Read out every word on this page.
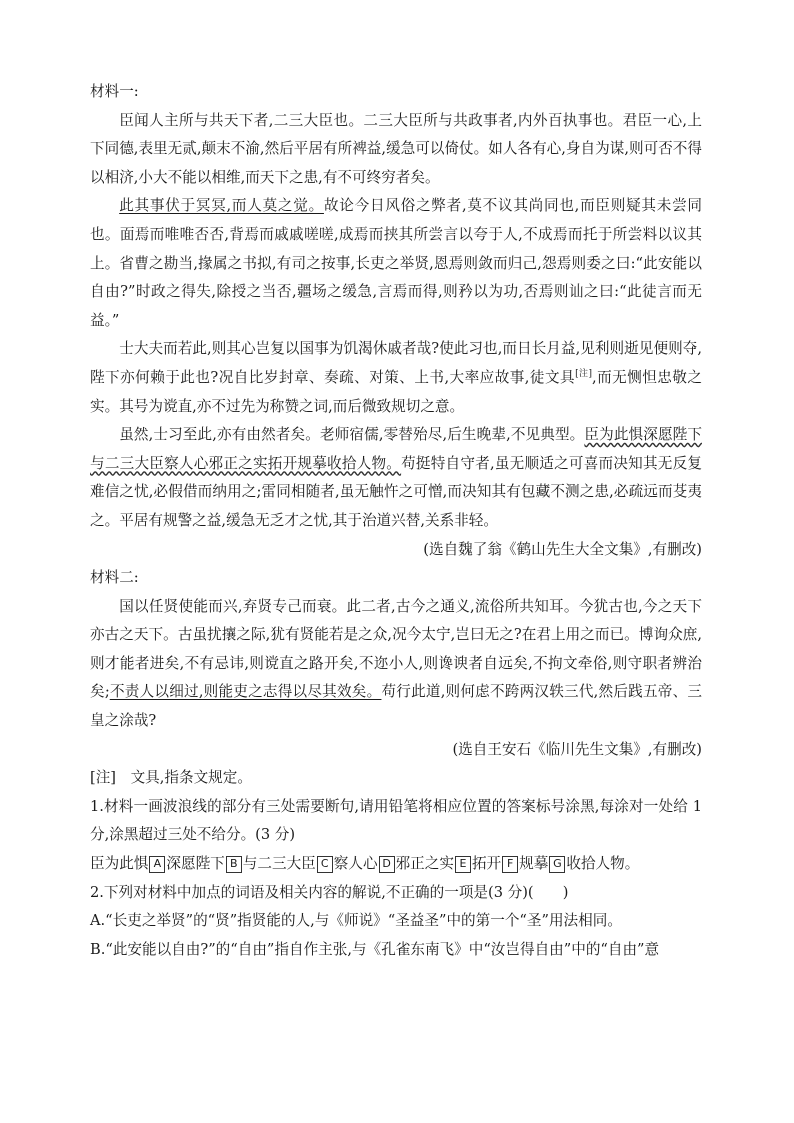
材料一:

臣闻人主所与共天下者,二三大臣也。二三大臣所与共政事者,内外百执事也。君臣一心,上下同德,表里无贰,颠末不渝,然后平居有所裨益,缓急可以倚仗。如人各有心,身自为谋,则可否不得以相济,小大不能以相维,而天下之患,有不可终穷者矣。

此其事伏于冥冥,而人莫之觉。故论今日风俗之弊者,莫不议其尚同也,而臣则疑其未尝同也。面焉而唯唯否否,背焉而戚戚嗟嗟,成焉而挟其所尝言以夸于人,不成焉而托于所尝料以议其上。省曹之勘当,掾属之书拟,有司之按事,长吏之举贤,恩焉则敛而归己,怨焉则委之曰:“此安能以自由?”时政之得失,除授之当否,疆场之缓急,言焉而得,则矜以为功,否焉则讪之曰:“此徒言而无益。”

士大夫而若此,则其心岂复以国事为饥渴休戚者哉?使此习也,而日长月益,见利则逝见便则夺,陛下亦何赖于此也?况自比岁封章、奏疏、对策、上书,大率应故事,徒文具[注],而无恻怛忠敬之实。其号为谠直,亦不过先为称赞之词,而后微致规切之意。

虽然,士习至此,亦有由然者矣。老师宿儒,零替殆尽,后生晚辈,不见典型。臣为此惧深愿陛下与二三大臣察人心邪正之实拓开规摹收拾人物。苟挺特自守者,虽无顺适之可喜而决知其无反复难信之忧,必假借而纳用之;雷同相随者,虽无触忤之可憎,而决知其有包藏不测之患,必疏远而芟夷之。平居有规警之益,缓急无乏才之忧,其于治道兴替,关系非轻。

(选自魏了翁《鹤山先生大全文集》,有删改)

材料二:

国以任贤使能而兴,弃贤专己而衰。此二者,古今之通义,流俗所共知耳。今犹古也,今之天下亦古之天下。古虽扰攘之际,犹有贤能若是之众,况今太宁,岂曰无之?在君上用之而已。博询众庶,则才能者进矣,不有忌讳,则谠直之路开矣,不迩小人,则谗谀者自远矣,不拘文牵俗,则守职者辨治矣;不责人以细过,则能吏之志得以尽其效矣。苟行此道,则何虑不跨两汉轶三代,然后践五帝、三皇之涂哉?

(选自王安石《临川先生文集》,有删改)

[注]　文具,指条文规定。

1.材料一画波浪线的部分有三处需要断句,请用铅笔将相应位置的答案标号涂黑,每涂对一处给 1 分,涂黑超过三处不给分。(3 分)

臣为此惧 A 深愿陛下 B 与二三大臣 C 察人心 D 邪正之实 E 拓开 F 规摹 G 收拾人物。

2.下列对材料中加点的词语及相关内容的解说,不正确的一项是(3 分)(　　)

A.“长吏之举贤”的“贤”指贤能的人,与《师说》“圣益圣”中的第一个“圣”用法相同。

B.“此安能以自由?”的“自由”指自作主张,与《孔雀东南飞》中“汝岂得自由”中的“自由”意
